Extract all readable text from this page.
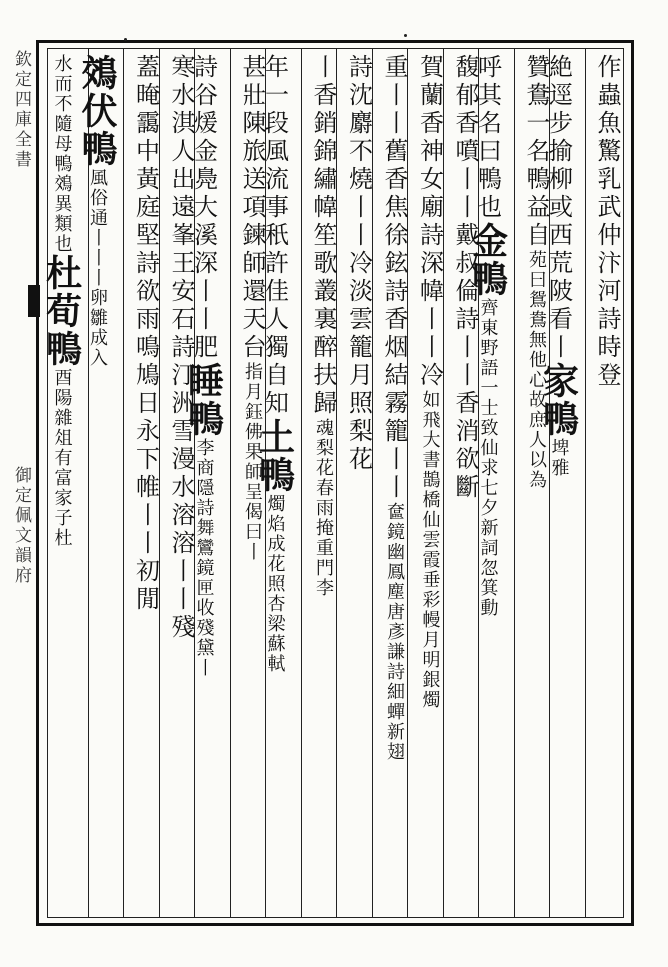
欽定四庫全書  御定佩文韻府
作蟲魚驚乳武仲汴河詩時登
絶逕步揄柳或西荒陂看丨家鴨埤雅
贊鴦一名鴨益自苑曰鴛鴦無他心故庶人以為
呼其名曰鴨也金鴨齊東野語一士致仙求七夕新詞忽箕動
馥郁香噴丨丨戴叔倫詩丨丨香消欲斷
賀蘭香神女廟詩深幃丨丨冷如飛大書鵲橋仙雲霞垂彩幔月明銀燭
重丨丨舊香焦徐鉉詩香烟結霧籠丨丨奩鏡幽鳳塵唐彥謙詩細蟬新翅
詩沈麝不燒丨丨冷淡雲籠月照梨花
丨香銷錦繡幃笙歌叢裏醉扶歸魂梨花春雨掩重門李
年一段風流事秖許佳人獨自知土鴨燭焰成花照杏梁蘇軾
甚壯陳旅送項鍊師還天台指月鈺佛果師呈偈曰丨
詩谷煖金鳧大溪深丨丨肥睡鴨李商隱詩舞鸞鏡匣收殘黛丨
寒水淇人出遠峯王安石詩汀洲雪漫水溶溶丨丨殘
蓋晻靄中黃庭堅詩欲雨鳴鳩日永下帷丨丨初閒
鵁伏鴨風俗通丨丨丨卵雛成入
水而不隨母鴨鵁異類也杜荀鴨酉陽雜俎有富家子杜
